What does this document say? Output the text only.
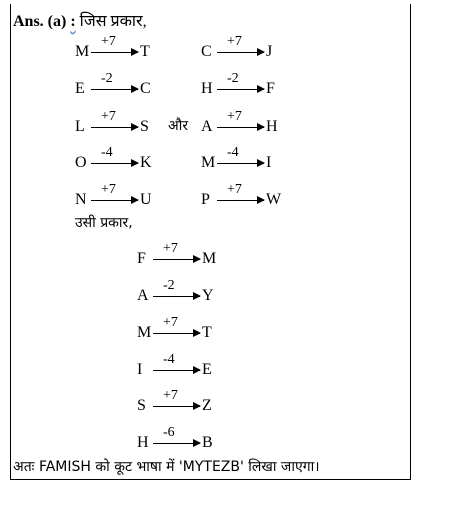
Ans. (a) : जिस प्रकार,
M
+7
T
E
-2
C
L
+7
S
O
-4
K
N
+7
U
और
C
+7
J
H
-2
F
A
+7
H
M
-4
I
P
+7
W
उसी प्रकार,
F
+7
M
A
-2
Y
M
+7
T
I
-4
E
S
+7
Z
H
-6
B
अतः FAMISH को कूट भाषा में 'MYTEZB' लिखा जाएगा।
